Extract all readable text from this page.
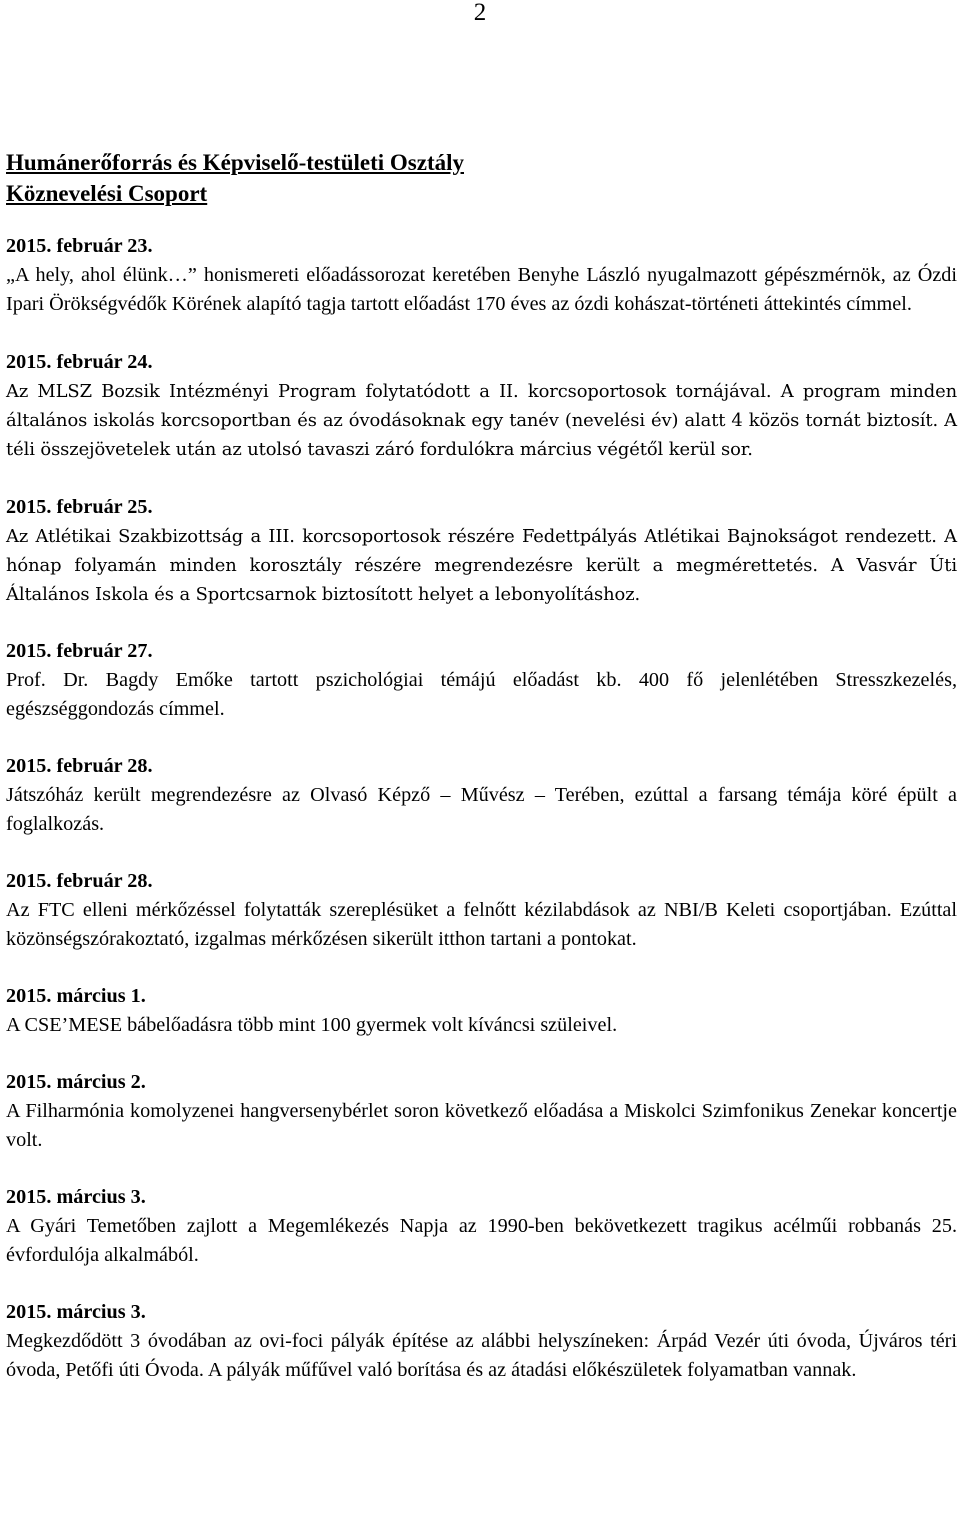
2
Humánerőforrás és Képviselő-testületi Osztály
Köznevelési Csoport
2015. február 23.
„A hely, ahol élünk…” honismereti előadássorozat keretében Benyhe László nyugalmazott gépészmérnök, az Ózdi Ipari Örökségvédők Körének alapító tagja tartott előadást 170 éves az ózdi kohászat-történeti áttekintés címmel.
2015. február 24.
Az MLSZ Bozsik Intézményi Program folytatódott a II. korcsoportosok tornájával. A program minden általános iskolás korcsoportban és az óvodásoknak egy tanév (nevelési év) alatt 4 közös tornát biztosít. A téli összejövetelek után az utolsó tavaszi záró fordulókra március végétől kerül sor.
2015. február 25.
Az Atlétikai Szakbizottság a III. korcsoportosok részére Fedettpályás Atlétikai Bajnokságot rendezett. A hónap folyamán minden korosztály részére megrendezésre került a megmérettetés. A Vasvár Úti Általános Iskola és a Sportcsarnok biztosított helyet a lebonyolításhoz.
2015. február 27.
Prof. Dr. Bagdy Emőke tartott pszichológiai témájú előadást kb. 400 fő jelenlétében Stresszkezelés, egészséggondozás címmel.
2015. február 28.
Játszóház került megrendezésre az Olvasó Képző – Művész – Terében, ezúttal a farsang témája köré épült a foglalkozás.
2015. február 28.
Az FTC elleni mérkőzéssel folytatták szereplésüket a felnőtt kézilabdások az NBI/B Keleti csoportjában. Ezúttal közönségszórakoztató, izgalmas mérkőzésen sikerült itthon tartani a pontokat.
2015. március 1.
A CSE’MESE bábelőadásra több mint 100 gyermek volt kíváncsi szüleivel.
2015. március 2.
A Filharmónia komolyzenei hangversenybérlet soron következő előadása a Miskolci Szimfonikus Zenekar koncertje volt.
2015. március 3.
A Gyári Temetőben zajlott a Megemlékezés Napja az 1990-ben bekövetkezett tragikus acélműi robbanás 25. évfordulója alkalmából.
2015. március 3.
Megkezdődött 3 óvodában az ovi-foci pályák építése az alábbi helyszíneken: Árpád Vezér úti óvoda, Újváros téri óvoda, Petőfi úti Óvoda. A pályák műfűvel való borítása és az átadási előkészületek folyamatban vannak.
